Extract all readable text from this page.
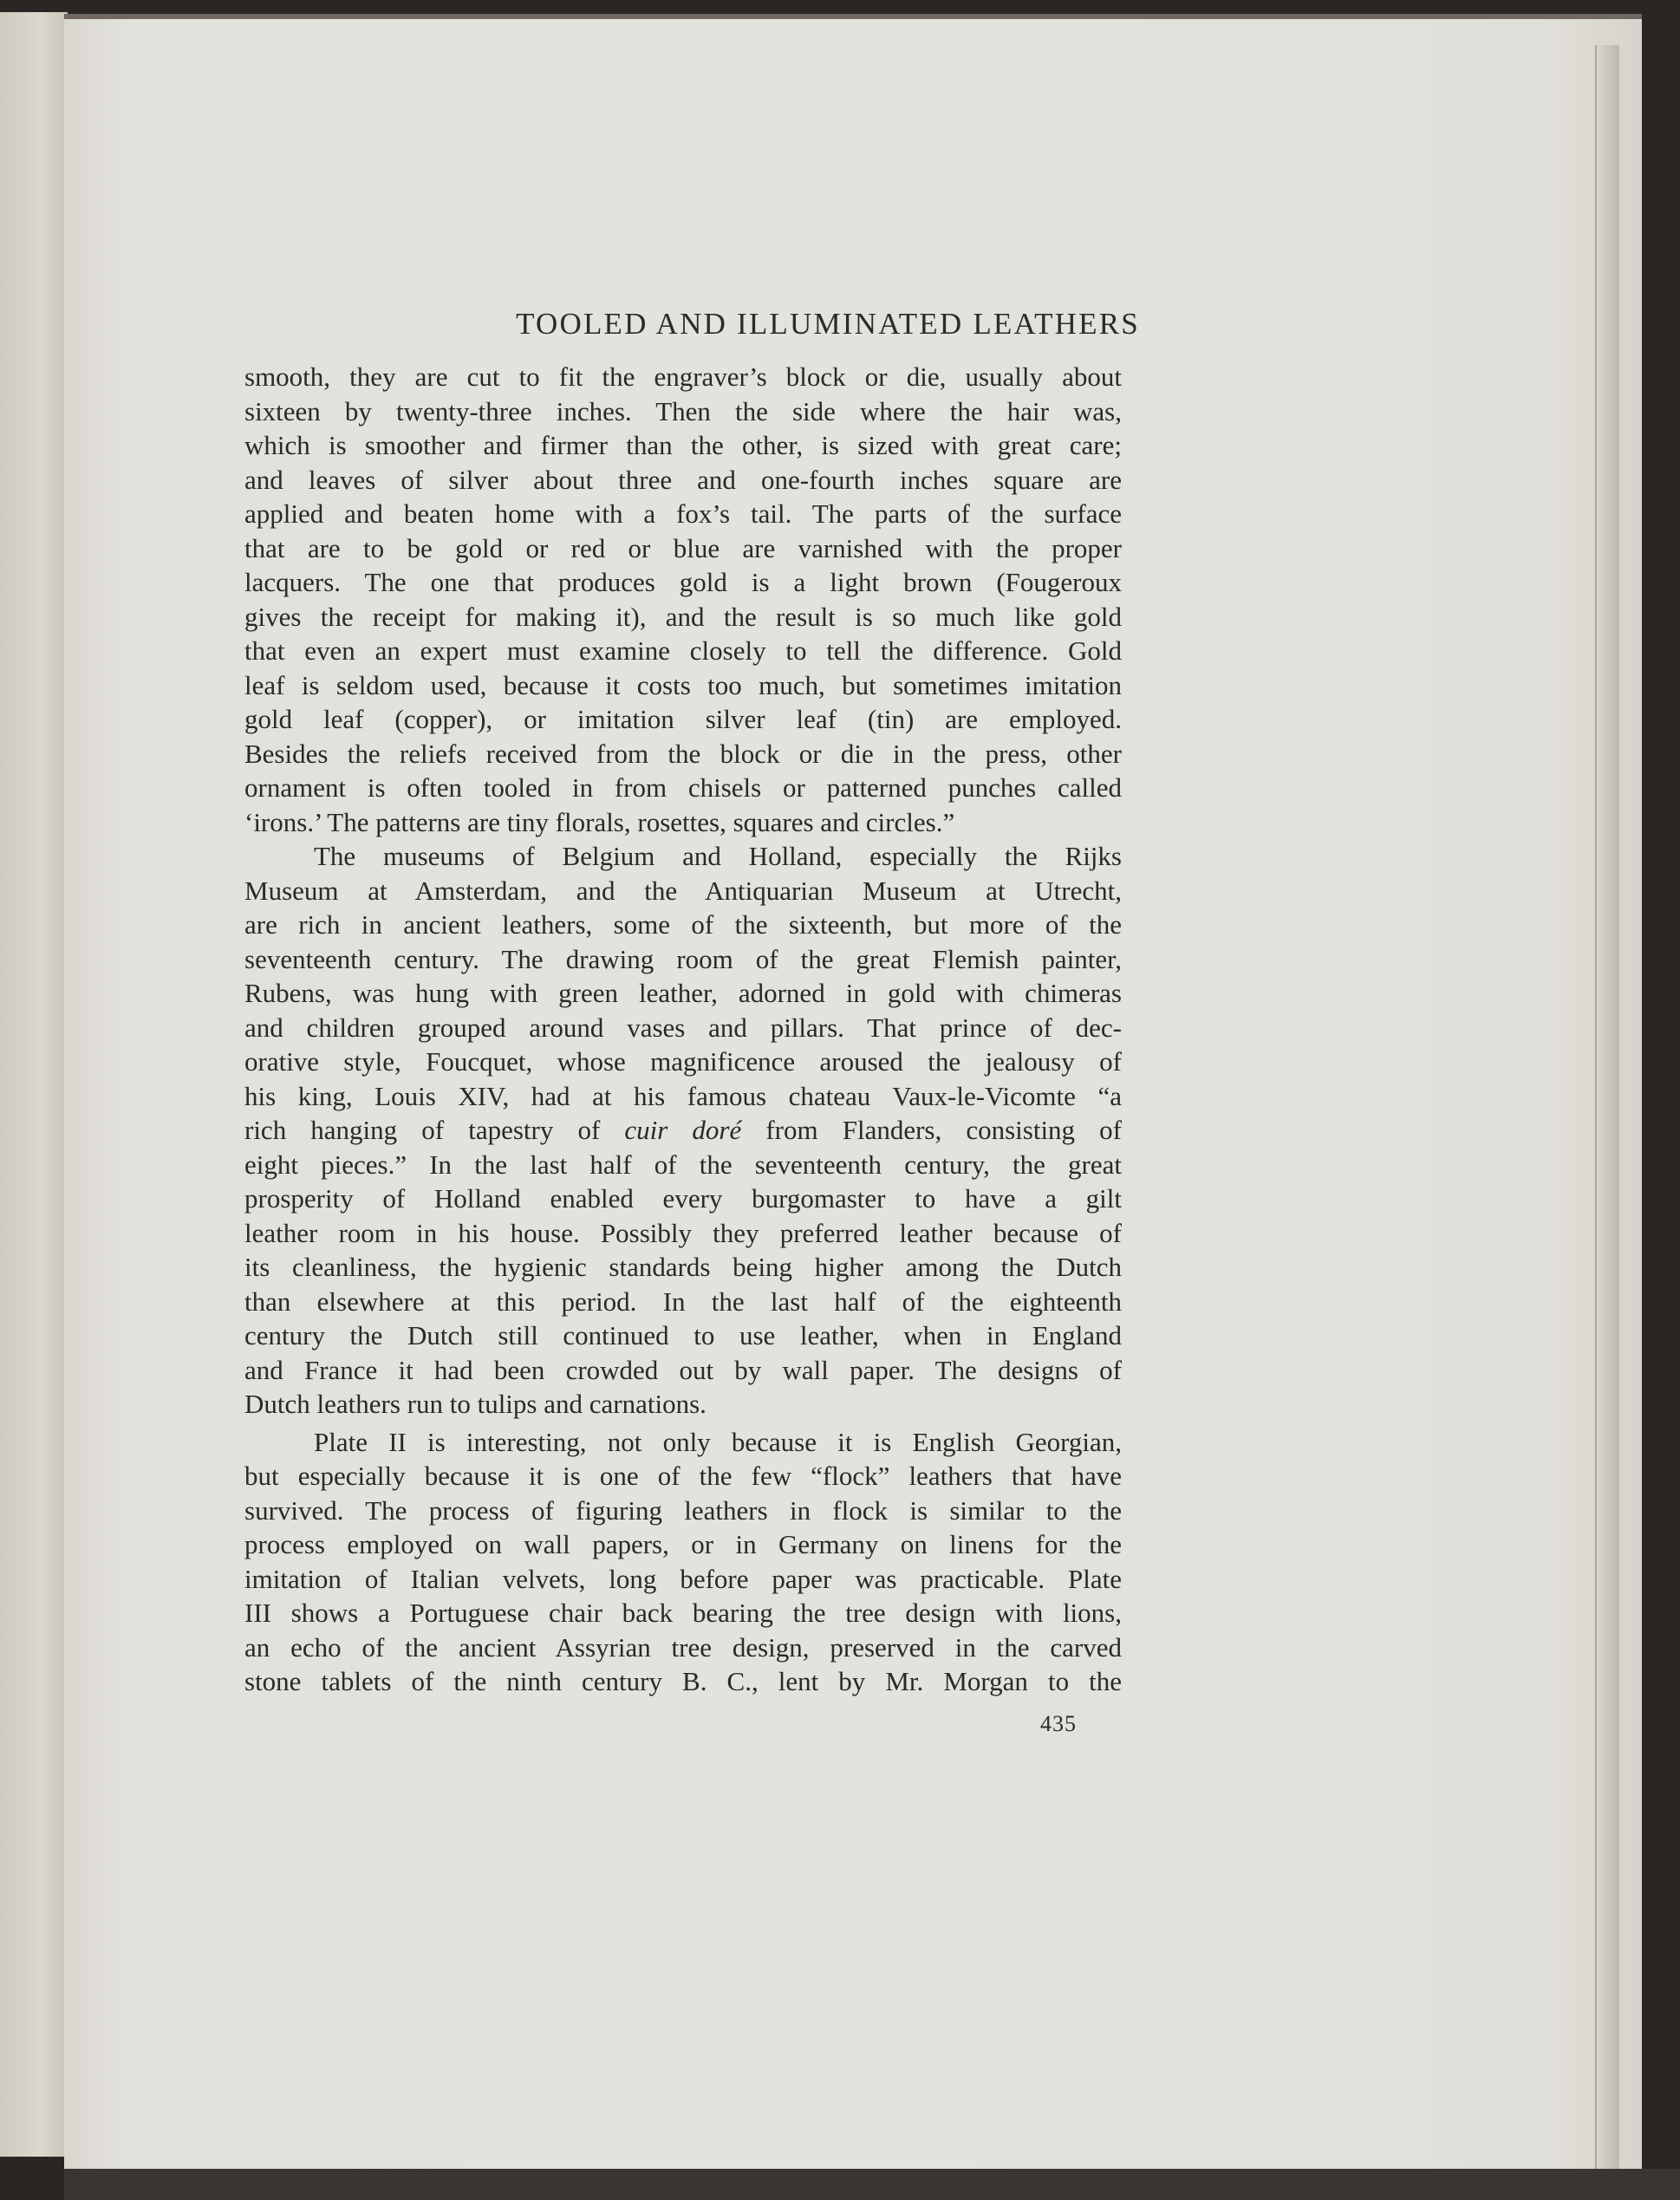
TOOLED AND ILLUMINATED LEATHERS
smooth, they are cut to fit the engraver’s block or die, usually about
sixteen by twenty-three inches. Then the side where the hair was,
which is smoother and firmer than the other, is sized with great care;
and leaves of silver about three and one-fourth inches square are
applied and beaten home with a fox’s tail. The parts of the surface
that are to be gold or red or blue are varnished with the proper
lacquers. The one that produces gold is a light brown (Fougeroux
gives the receipt for making it), and the result is so much like gold
that even an expert must examine closely to tell the difference. Gold
leaf is seldom used, because it costs too much, but sometimes imitation
gold leaf (copper), or imitation silver leaf (tin) are employed.
Besides the reliefs received from the block or die in the press, other
ornament is often tooled in from chisels or patterned punches called
‘irons.’ The patterns are tiny florals, rosettes, squares and circles.”
The museums of Belgium and Holland, especially the Rijks
Museum at Amsterdam, and the Antiquarian Museum at Utrecht,
are rich in ancient leathers, some of the sixteenth, but more of the
seventeenth century. The drawing room of the great Flemish painter,
Rubens, was hung with green leather, adorned in gold with chimeras
and children grouped around vases and pillars. That prince of dec-
orative style, Foucquet, whose magnificence aroused the jealousy of
his king, Louis XIV, had at his famous chateau Vaux-le-Vicomte “a
rich hanging of tapestry of cuir doré from Flanders, consisting of
eight pieces.” In the last half of the seventeenth century, the great
prosperity of Holland enabled every burgomaster to have a gilt
leather room in his house. Possibly they preferred leather because of
its cleanliness, the hygienic standards being higher among the Dutch
than elsewhere at this period. In the last half of the eighteenth
century the Dutch still continued to use leather, when in England
and France it had been crowded out by wall paper. The designs of
Dutch leathers run to tulips and carnations.
Plate II is interesting, not only because it is English Georgian,
but especially because it is one of the few “flock” leathers that have
survived. The process of figuring leathers in flock is similar to the
process employed on wall papers, or in Germany on linens for the
imitation of Italian velvets, long before paper was practicable. Plate
III shows a Portuguese chair back bearing the tree design with lions,
an echo of the ancient Assyrian tree design, preserved in the carved
stone tablets of the ninth century B. C., lent by Mr. Morgan to the
435
